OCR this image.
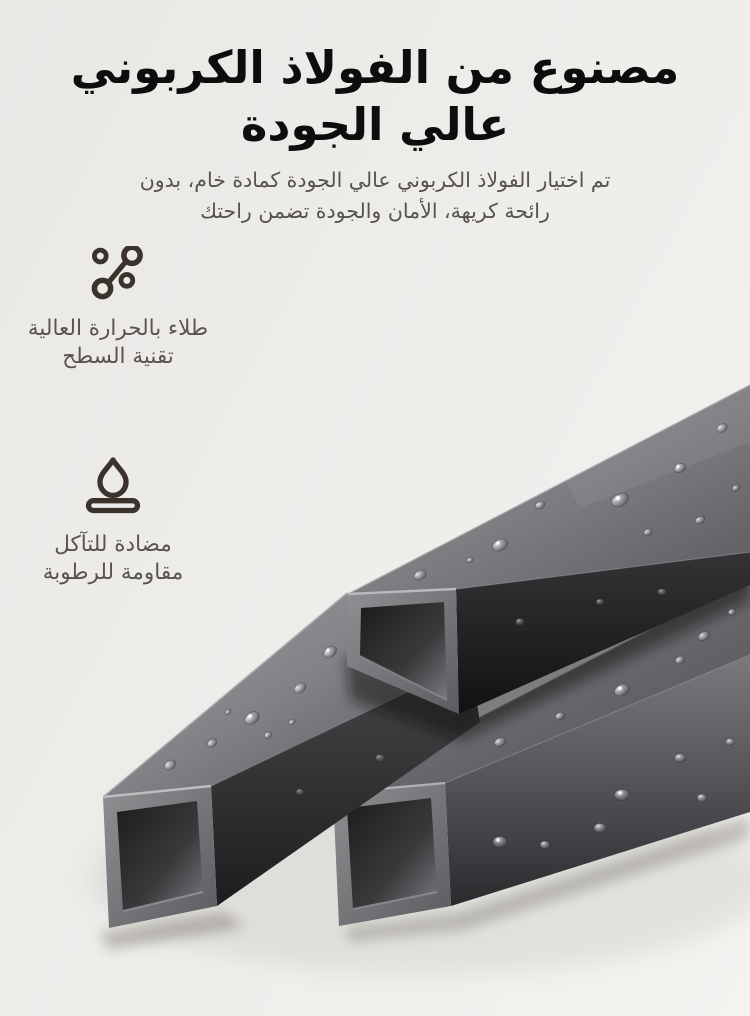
مصنوع من الفولاذ الكربوني
عالي الجودة

تم اختيار الفولاذ الكربوني عالي الجودة كمادة خام، بدون
رائحة كريهة، الأمان والجودة تضمن راحتك

طلاء بالحرارة العالية
تقنية السطح
مضادة للتآكل
مقاومة للرطوبة
